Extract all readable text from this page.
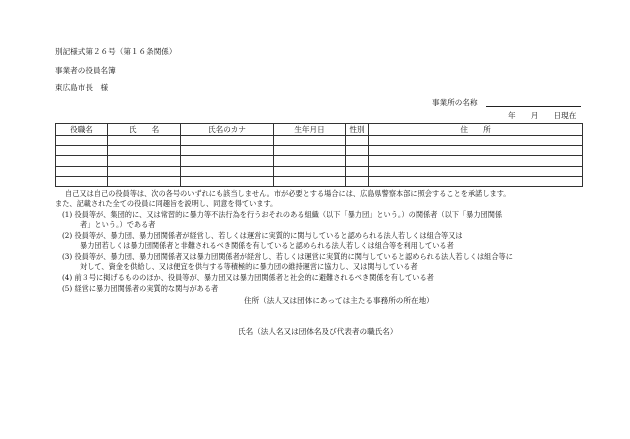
別記様式第２６号（第１６条関係）
事業者の役員名簿
東広島市長　様
事業所の名称
年　　月　　日現在
役職名	氏　　名	氏名のカナ	生年月日	性別	住　　所

自己又は自己の役員等は、次の各号のいずれにも該当しません。市が必要とする場合には、広島県警察本部に照会することを承諾します。
また、記載された全ての役員に同趣旨を説明し、同意を得ています。
(1) 役員等が、集団的に、又は常習的に暴力等不法行為を行うおそれのある組織（以下「暴力団」という。）の関係者（以下「暴力団関係
者」という。）である者
(2) 役員等が、暴力団、暴力団関係者が経営し、若しくは運営に実質的に関与していると認められる法人若しくは組合等又は
暴力団若しくは暴力団関係者と非難されるべき関係を有していると認められる法人若しくは組合等を利用している者
(3) 役員等が、暴力団、暴力団関係者又は暴力団関係者が経営し、若しくは運営に実質的に関与していると認められる法人若しくは組合等に
対して、資金を供給し、又は便宜を供与する等積極的に暴力団の維持運営に協力し、又は関与している者
(4) 前３号に掲げるもののほか、役員等が、暴力団又は暴力団関係者と社会的に避難されるべき関係を有している者
(5) 経営に暴力団関係者の実質的な関与がある者
住所（法人又は団体にあっては主たる事務所の所在地）
氏名（法人名又は団体名及び代表者の職氏名）
